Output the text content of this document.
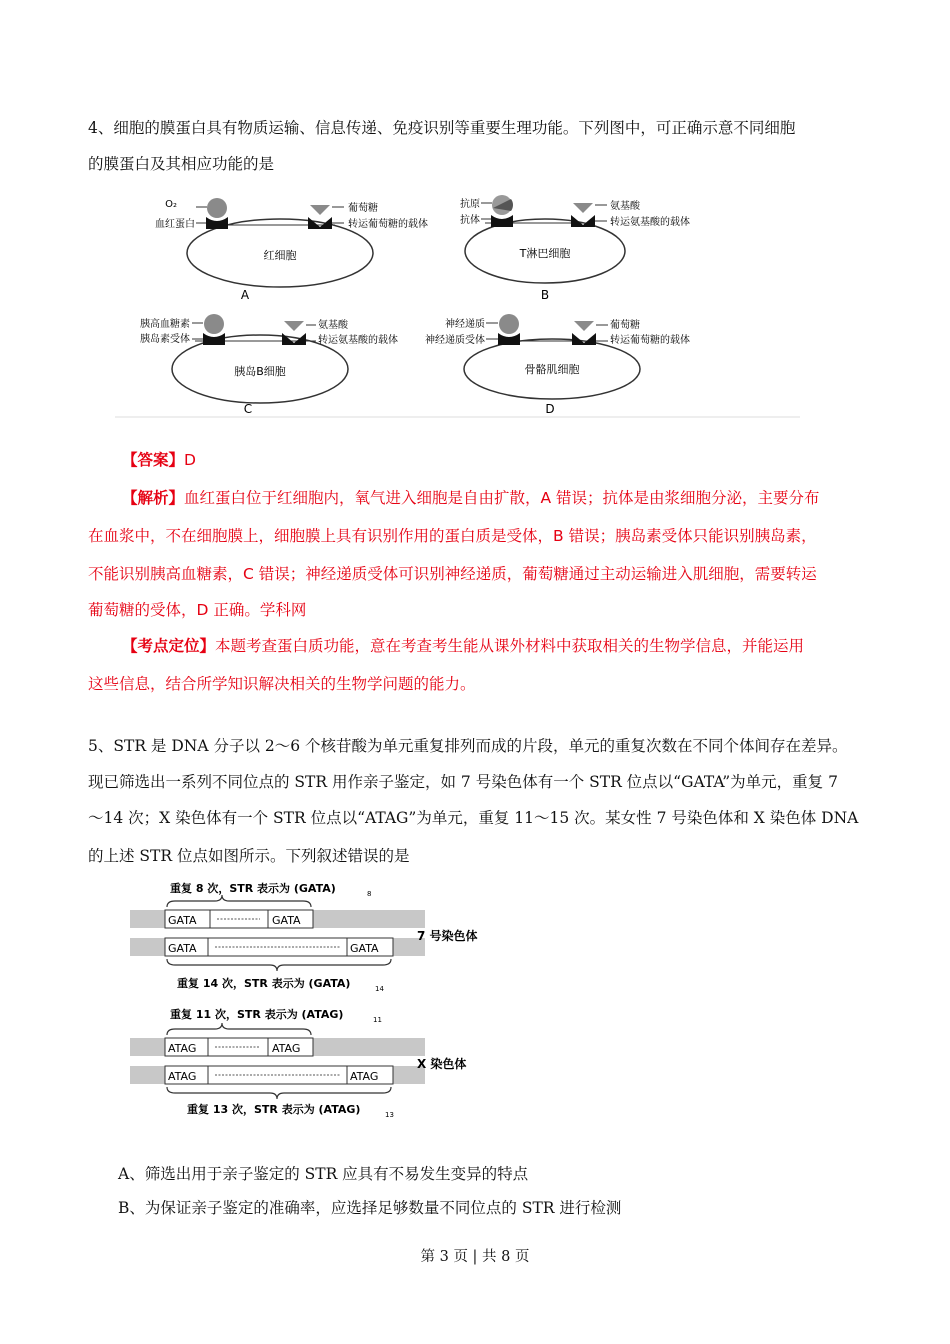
4、细胞的膜蛋白具有物质运输、信息传递、免疫识别等重要生理功能。下列图中，可正确示意不同细胞
的膜蛋白及其相应功能的是
O₂
血红蛋白
葡萄糖
转运葡萄糖的载体
红细胞
A
抗原
抗体
氨基酸
转运氨基酸的载体
T淋巴细胞
B
胰高血糖素
胰岛素受体
氨基酸
转运氨基酸的载体
胰岛B细胞
C
神经递质
神经递质受体
葡萄糖
转运葡萄糖的载体
骨骼肌细胞
D
【答案】D
【解析】血红蛋白位于红细胞内，氧气进入细胞是自由扩散，A 错误；抗体是由浆细胞分泌，主要分布
在血浆中，不在细胞膜上，细胞膜上具有识别作用的蛋白质是受体，B 错误；胰岛素受体只能识别胰岛素，
不能识别胰高血糖素，C 错误；神经递质受体可识别神经递质，葡萄糖通过主动运输进入肌细胞，需要转运
葡萄糖的受体，D 正确。学科网
【考点定位】本题考查蛋白质功能，意在考查考生能从课外材料中获取相关的生物学信息，并能运用
这些信息，结合所学知识解决相关的生物学问题的能力。
5、STR 是 DNA 分子以 2～6 个核苷酸为单元重复排列而成的片段，单元的重复次数在不同个体间存在差异。
现已筛选出一系列不同位点的 STR 用作亲子鉴定，如 7 号染色体有一个 STR 位点以“GATA”为单元，重复 7
～14 次；X 染色体有一个 STR 位点以“ATAG”为单元，重复 11～15 次。某女性 7 号染色体和 X 染色体 DNA
的上述 STR 位点如图所示。下列叙述错误的是
重复 8 次，STR 表示为 (GATA)	8
GATA	GATA
GATA	GATA
重复 14 次，STR 表示为 (GATA)	14
7 号染色体
重复 11 次，STR 表示为 (ATAG)	11
ATAG	ATAG
ATAG	ATAG
重复 13 次，STR 表示为 (ATAG)	13
X 染色体
A、筛选出用于亲子鉴定的 STR 应具有不易发生变异的特点
B、为保证亲子鉴定的准确率，应选择足够数量不同位点的 STR 进行检测
第 3 页 | 共 8 页
